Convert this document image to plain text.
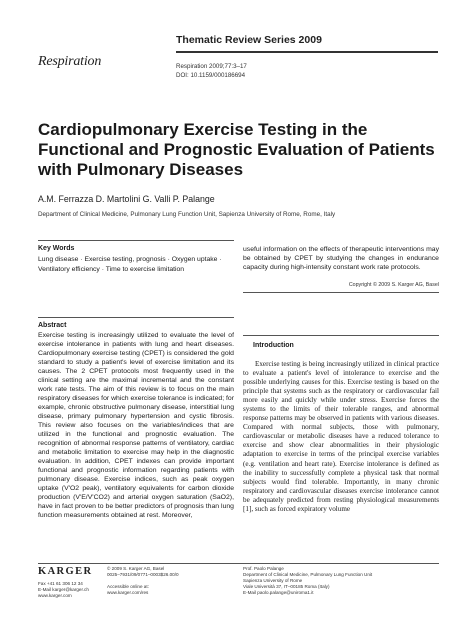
Respiration
Thematic Review Series 2009
Respiration 2009;77:3–17
DOI: 10.1159/000186694
Cardiopulmonary Exercise Testing in the Functional and Prognostic Evaluation of Patients with Pulmonary Diseases
A.M. Ferrazza D. Martolini G. Valli P. Palange
Department of Clinical Medicine, Pulmonary Lung Function Unit, Sapienza University of Rome, Rome, Italy
Key Words
Lung disease · Exercise testing, prognosis · Oxygen uptake · Ventilatory efficiency · Time to exercise limitation
Abstract
Exercise testing is increasingly utilized to evaluate the level of exercise intolerance in patients with lung and heart diseases. Cardiopulmonary exercise testing (CPET) is considered the gold standard to study a patient's level of exercise limitation and its causes. The 2 CPET protocols most frequently used in the clinical setting are the maximal incremental and the constant work rate tests. The aim of this review is to focus on the main respiratory diseases for which exercise tolerance is indicated; for example, chronic obstructive pulmonary disease, interstitial lung disease, primary pulmonary hypertension and cystic fibrosis. This review also focuses on the variables/indices that are utilized in the functional and prognostic evaluation. The recognition of abnormal response patterns of ventilatory, cardiac and metabolic limitation to exercise may help in the diagnostic evaluation. In addition, CPET indexes can provide important functional and prognostic information regarding patients with pulmonary disease. Exercise indices, such as peak oxygen uptake (V'O2 peak), ventilatory equivalents for carbon dioxide production (V'E/V'CO2) and arterial oxygen saturation (SaO2), have in fact proven to be better predictors of prognosis than lung function measurements obtained at rest. Moreover,
useful information on the effects of therapeutic interventions may be obtained by CPET by studying the changes in endurance capacity during high-intensity constant work rate protocols.
Copyright © 2009 S. Karger AG, Basel
Introduction

Exercise testing is being increasingly utilized in clinical practice to evaluate a patient's level of intolerance to exercise and the possible underlying causes for this. Exercise testing is based on the principle that systems such as the respiratory or cardiovascular fail more easily and quickly while under stress. Exercise forces the systems to the limits of their tolerable ranges, and abnormal response patterns may be observed in patients with various diseases. Compared with normal subjects, those with pulmonary, cardiovascular or metabolic diseases have a reduced tolerance to exercise and show clear abnormalities in their physiologic adaptation to exercise in terms of the principal exercise variables (e.g. ventilation and heart rate). Exercise intolerance is defined as the inability to successfully complete a physical task that normal subjects would find tolerable. Importantly, in many chronic respiratory and cardiovascular diseases exercise intolerance cannot be adequately predicted from resting physiological measurements [1], such as forced expiratory volume

KARGER
Fax +41 61 306 12 34
E-Mail karger@karger.ch
www.karger.com
© 2009 S. Karger AG, Basel
0025–7931/09/0771–0003$26.00/0

Accessible online at:
www.karger.com/res
Prof. Paolo Palange
Department of Clinical Medicine, Pulmonary Lung Function Unit
Sapienza University of Rome
Viale Università 37, IT–00185 Roma (Italy)
E-Mail paolo.palange@uniroma1.it
